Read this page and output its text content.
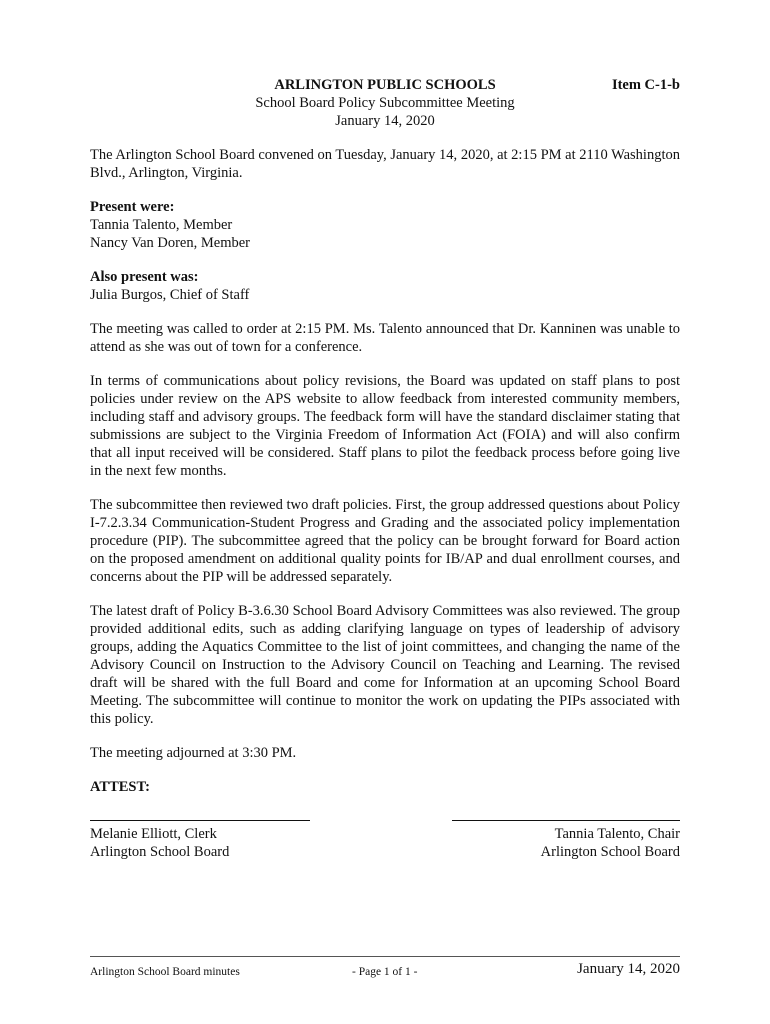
ARLINGTON PUBLIC SCHOOLS	Item C-1-b
School Board Policy Subcommittee Meeting
January 14, 2020

The Arlington School Board convened on Tuesday, January 14, 2020, at 2:15 PM at 2110 Washington Blvd., Arlington, Virginia.

Present were:
Tannia Talento, Member
Nancy Van Doren, Member

Also present was:
Julia Burgos, Chief of Staff

The meeting was called to order at 2:15 PM. Ms. Talento announced that Dr. Kanninen was unable to attend as she was out of town for a conference.

In terms of communications about policy revisions, the Board was updated on staff plans to post policies under review on the APS website to allow feedback from interested community members, including staff and advisory groups. The feedback form will have the standard disclaimer stating that submissions are subject to the Virginia Freedom of Information Act (FOIA) and will also confirm that all input received will be considered. Staff plans to pilot the feedback process before going live in the next few months.

The subcommittee then reviewed two draft policies. First, the group addressed questions about Policy I-7.2.3.34 Communication-Student Progress and Grading and the associated policy implementation procedure (PIP). The subcommittee agreed that the policy can be brought forward for Board action on the proposed amendment on additional quality points for IB/AP and dual enrollment courses, and concerns about the PIP will be addressed separately.

The latest draft of Policy B-3.6.30 School Board Advisory Committees was also reviewed. The group provided additional edits, such as adding clarifying language on types of leadership of advisory groups, adding the Aquatics Committee to the list of joint committees, and changing the name of the Advisory Council on Instruction to the Advisory Council on Teaching and Learning. The revised draft will be shared with the full Board and come for Information at an upcoming School Board Meeting. The subcommittee will continue to monitor the work on updating the PIPs associated with this policy.

The meeting adjourned at 3:30 PM.

ATTEST:

Melanie Elliott, Clerk
Arlington School Board
Tannia Talento, Chair
Arlington School Board
Arlington School Board minutes	- Page 1 of 1 -	January 14, 2020
